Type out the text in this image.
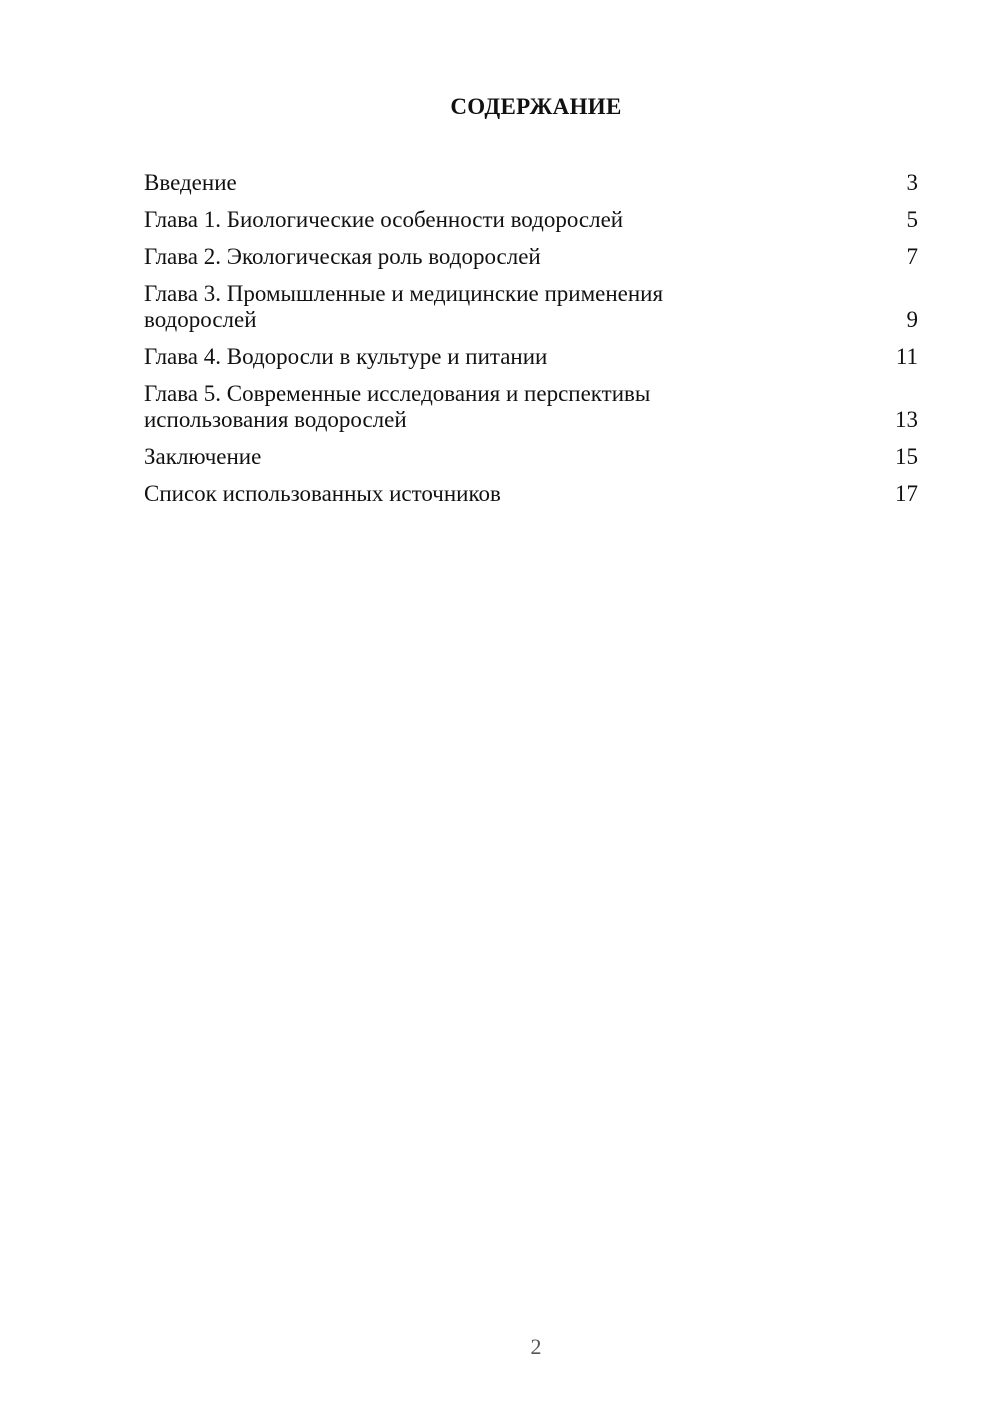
СОДЕРЖАНИЕ
Введение	3
Глава 1. Биологические особенности водорослей	5
Глава 2. Экологическая роль водорослей	7
Глава 3. Промышленные и медицинские применения водорослей	9
Глава 4. Водоросли в культуре и питании	11
Глава 5. Современные исследования и перспективы использования водорослей	13
Заключение	15
Список использованных источников	17
2
